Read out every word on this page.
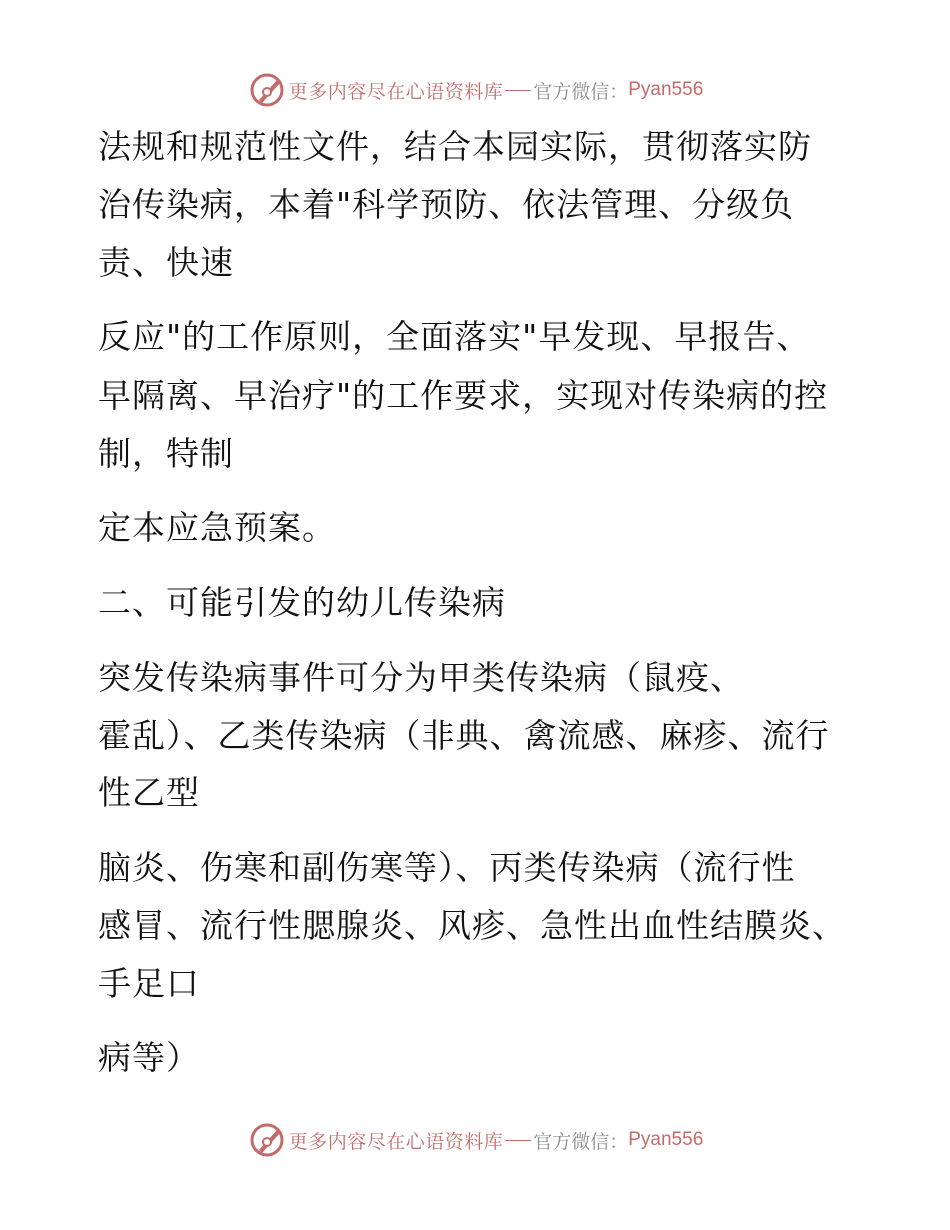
更多内容尽在心语资料库 官方微信： Pyan556
法规和规范性文件，结合本园实际，贯彻落实防
治传染病，本着"科学预防、依法管理、分级负
责、快速
反应"的工作原则，全面落实"早发现、早报告、
早隔离、早治疗"的工作要求，实现对传染病的控
制，特制
定本应急预案。
二、可能引发的幼儿传染病
突发传染病事件可分为甲类传染病（鼠疫、
霍乱）、乙类传染病（非典、禽流感、麻疹、流行
性乙型
脑炎、伤寒和副伤寒等）、丙类传染病（流行性
感冒、流行性腮腺炎、风疹、急性出血性结膜炎、
手足口
病等）
更多内容尽在心语资料库 官方微信： Pyan556
